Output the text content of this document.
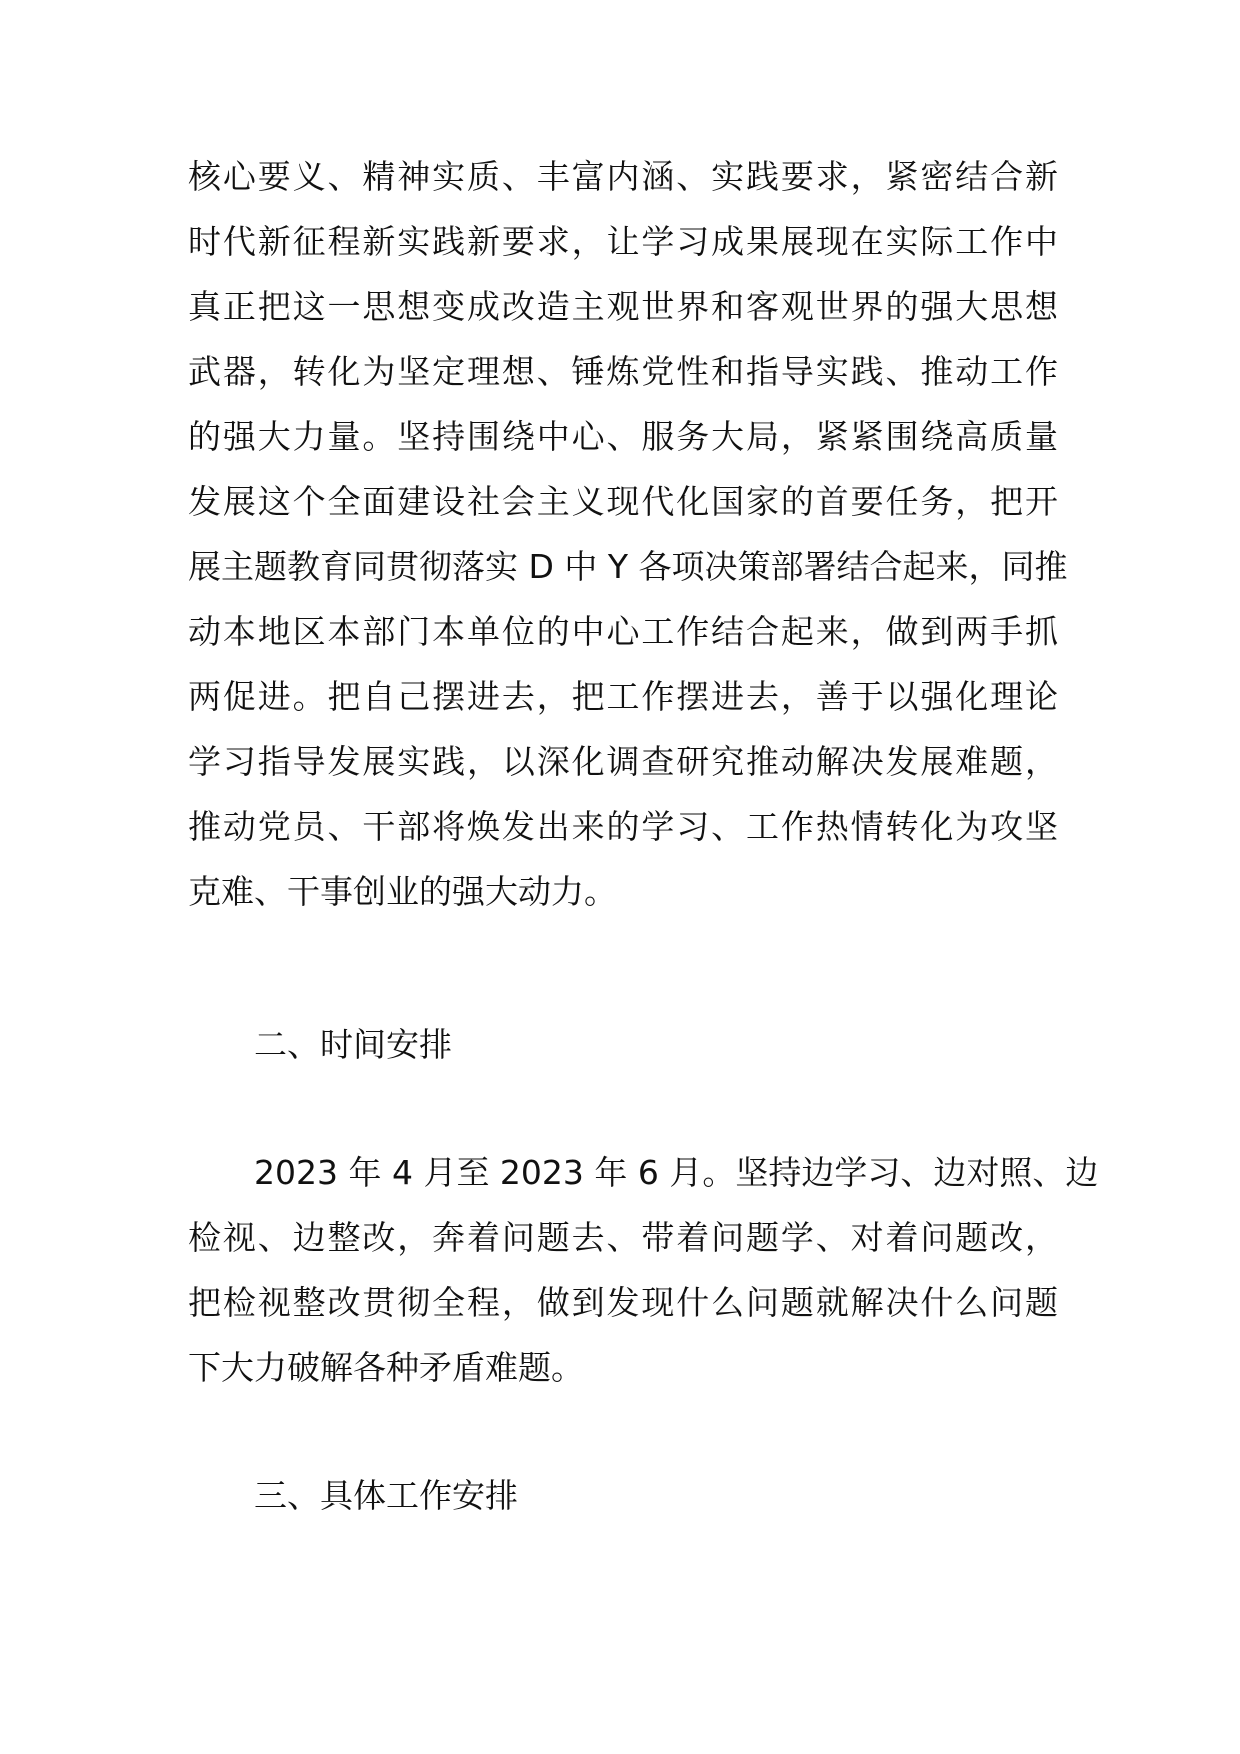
核心要义、精神实质、丰富内涵、实践要求，紧密结合新
时代新征程新实践新要求，让学习成果展现在实际工作中
真正把这一思想变成改造主观世界和客观世界的强大思想
武器，转化为坚定理想、锤炼党性和指导实践、推动工作
的强大力量。坚持围绕中心、服务大局，紧紧围绕高质量
发展这个全面建设社会主义现代化国家的首要任务，把开
展主题教育同贯彻落实 D 中 Y 各项决策部署结合起来，同推
动本地区本部门本单位的中心工作结合起来，做到两手抓
两促进。把自己摆进去，把工作摆进去，善于以强化理论
学习指导发展实践，以深化调查研究推动解决发展难题，
推动党员、干部将焕发出来的学习、工作热情转化为攻坚
克难、干事创业的强大动力。
二、时间安排
2023 年 4 月至 2023 年 6 月。坚持边学习、边对照、边
检视、边整改，奔着问题去、带着问题学、对着问题改，
把检视整改贯彻全程，做到发现什么问题就解决什么问题
下大力破解各种矛盾难题。
三、具体工作安排
